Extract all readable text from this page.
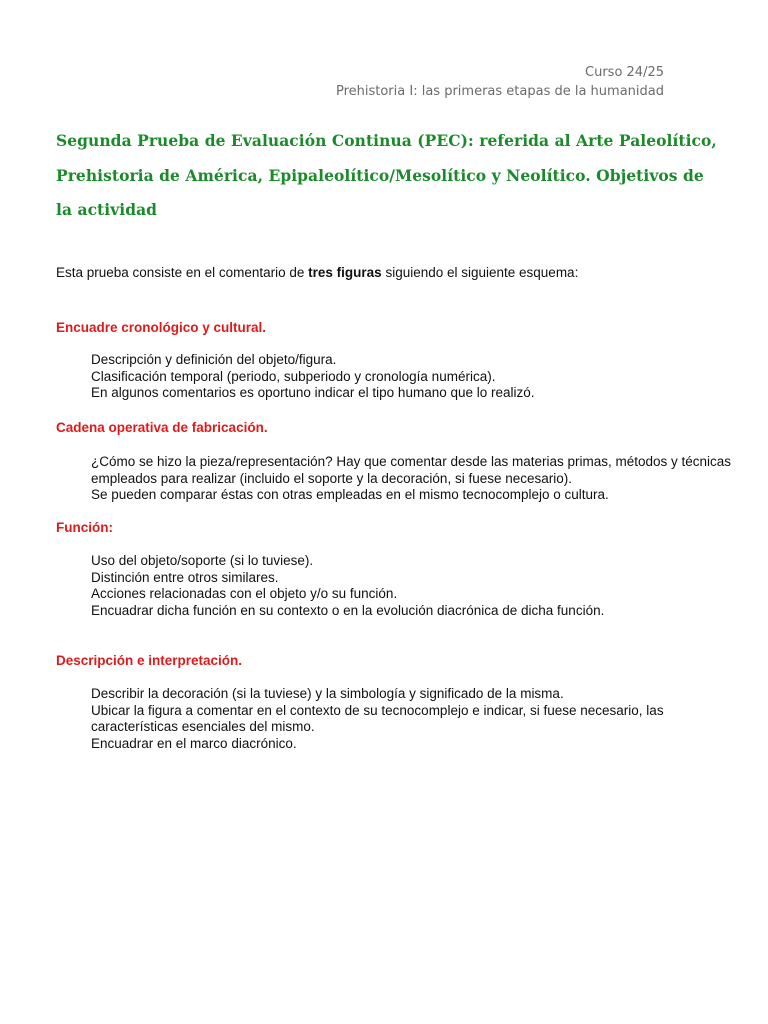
Curso 24/25
Prehistoria I: las primeras etapas de la humanidad
Segunda Prueba de Evaluación Continua (PEC): referida al Arte Paleolítico,
Prehistoria de América, Epipaleolítico/Mesolítico y Neolítico. Objetivos de
la actividad
Esta prueba consiste en el comentario de tres figuras siguiendo el siguiente esquema:
Encuadre cronológico y cultural.
Descripción y definición del objeto/figura.
Clasificación temporal (periodo, subperiodo y cronología numérica).
En algunos comentarios es oportuno indicar el tipo humano que lo realizó.
Cadena operativa de fabricación.
¿Cómo se hizo la pieza/representación? Hay que comentar desde las materias primas, métodos y técnicas
empleados para realizar (incluido el soporte y la decoración, si fuese necesario).
Se pueden comparar éstas con otras empleadas en el mismo tecnocomplejo o cultura.
Función:
Uso del objeto/soporte (si lo tuviese).
Distinción entre otros similares.
Acciones relacionadas con el objeto y/o su función.
Encuadrar dicha función en su contexto o en la evolución diacrónica de dicha función.
Descripción e interpretación.
Describir la decoración (si la tuviese) y la simbología y significado de la misma.
Ubicar la figura a comentar en el contexto de su tecnocomplejo e indicar, si fuese necesario, las
características esenciales del mismo.
Encuadrar en el marco diacrónico.
